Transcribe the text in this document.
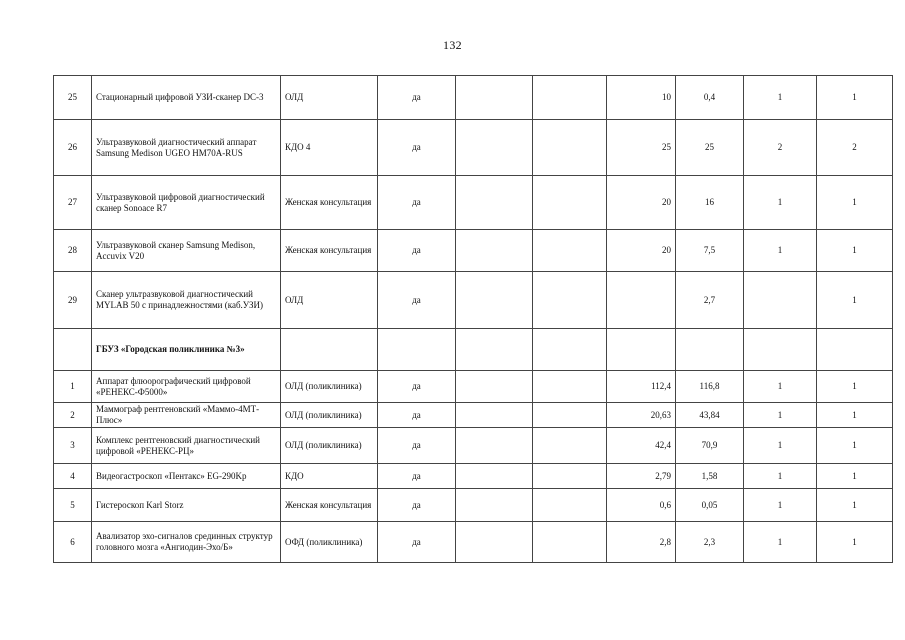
132
25	Стационарный цифровой УЗИ-сканер DC-3	ОЛД	да			10	0,4	1	1
26	Ультразвуковой диагностический аппарат Samsung Medison UGEO HM70A-RUS	КДО 4	да			25	25	2	2
27	Ультразвуковой цифровой диагностический сканер Sonoace R7	Женская консультация	да			20	16	1	1
28	Ультразвуковой сканер Samsung Medison, Accuvix V20	Женская консультация	да			20	7,5	1	1
29	Сканер ультразвуковой диагностический MYLAB 50 с принадлежностями (каб.УЗИ)	ОЛД	да				2,7		1
	ГБУЗ «Городская поликлиника №3»								
1	Аппарат флюорографический цифровой «РЕНЕКС-Ф5000»	ОЛД (поликлиника)	да			112,4	116,8	1	1
2	Маммограф рентгеновский «Маммо-4МТ-Плюс»	ОЛД (поликлиника)	да			20,63	43,84	1	1
3	Комплекс рентгеновский диагностический цифровой «РЕНЕКС-РЦ»	ОЛД (поликлиника)	да			42,4	70,9	1	1
4	Видеогастроскоп «Пентакс» EG-290Kp	КДО	да			2,79	1,58	1	1
5	Гистероскоп Karl Storz	Женская консультация	да			0,6	0,05	1	1
6	Авализатор эхо-сигналов срединных структур головного мозга «Ангиодин-Эхо/Б»	ОФД (поликлиника)	да			2,8	2,3	1	1
